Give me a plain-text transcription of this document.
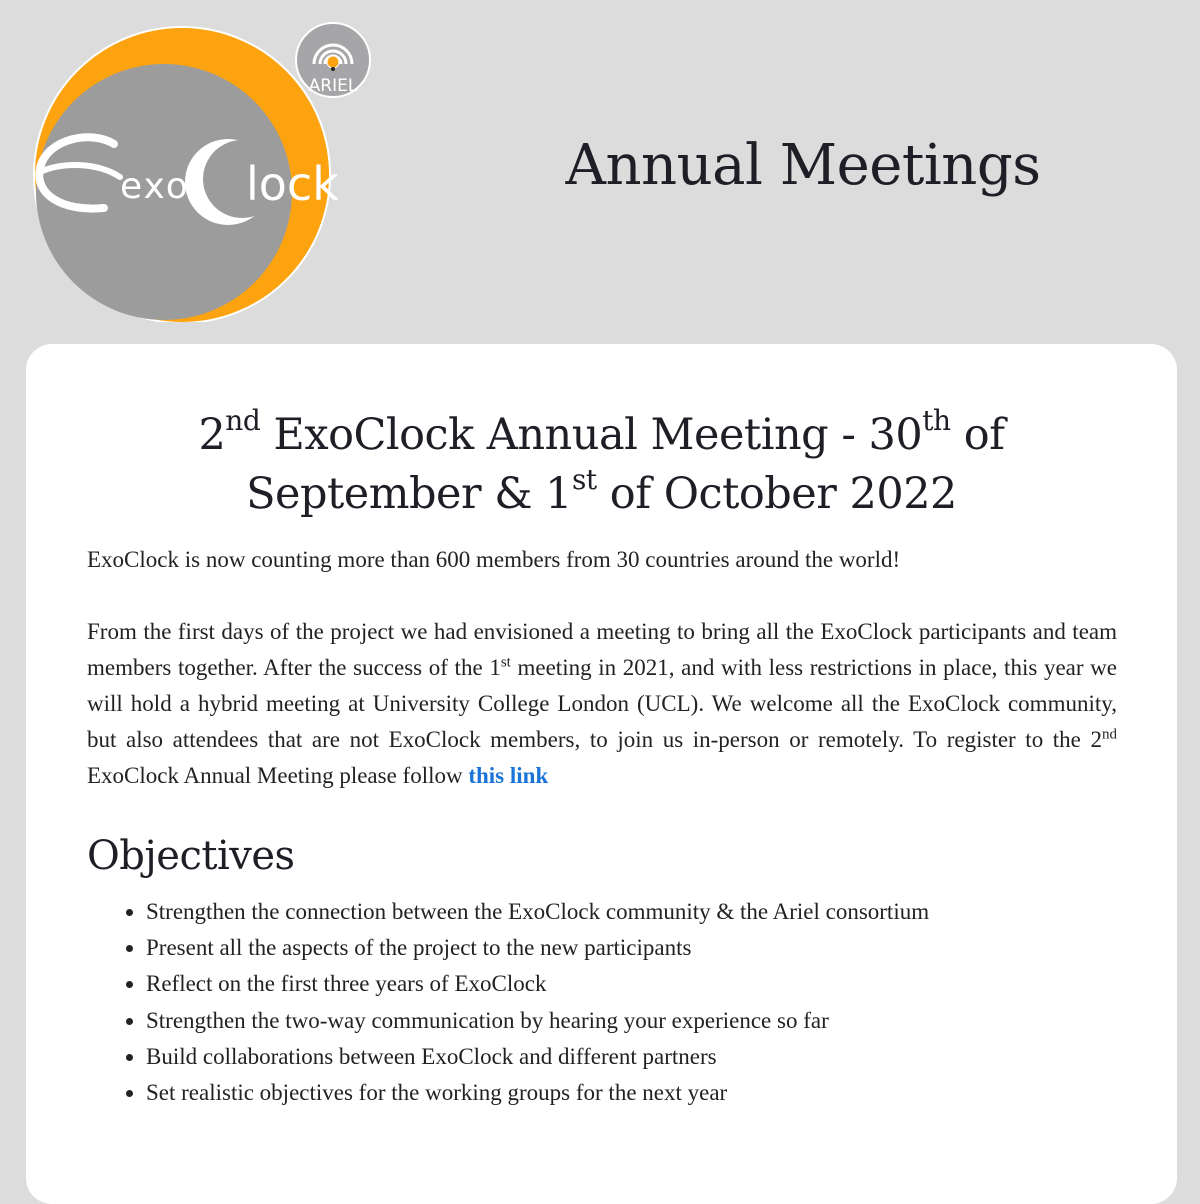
ARIEL
exo lock	Annual Meetings
2nd ExoClock Annual Meeting - 30th of
September & 1st of October 2022

ExoClock is now counting more than 600 members from 30 countries around the world!

From the first days of the project we had envisioned a meeting to bring all the ExoClock participants and team members together. After the success of the 1st meeting in 2021, and with less restrictions in place, this year we will hold a hybrid meeting at University College London (UCL). We welcome all the ExoClock community, but also attendees that are not ExoClock members, to join us in-person or remotely. To register to the 2nd ExoClock Annual Meeting please follow this link

Objectives
• Strengthen the connection between the ExoClock community & the Ariel consortium
• Present all the aspects of the project to the new participants
• Reflect on the first three years of ExoClock
• Strengthen the two-way communication by hearing your experience so far
• Build collaborations between ExoClock and different partners
• Set realistic objectives for the working groups for the next year
